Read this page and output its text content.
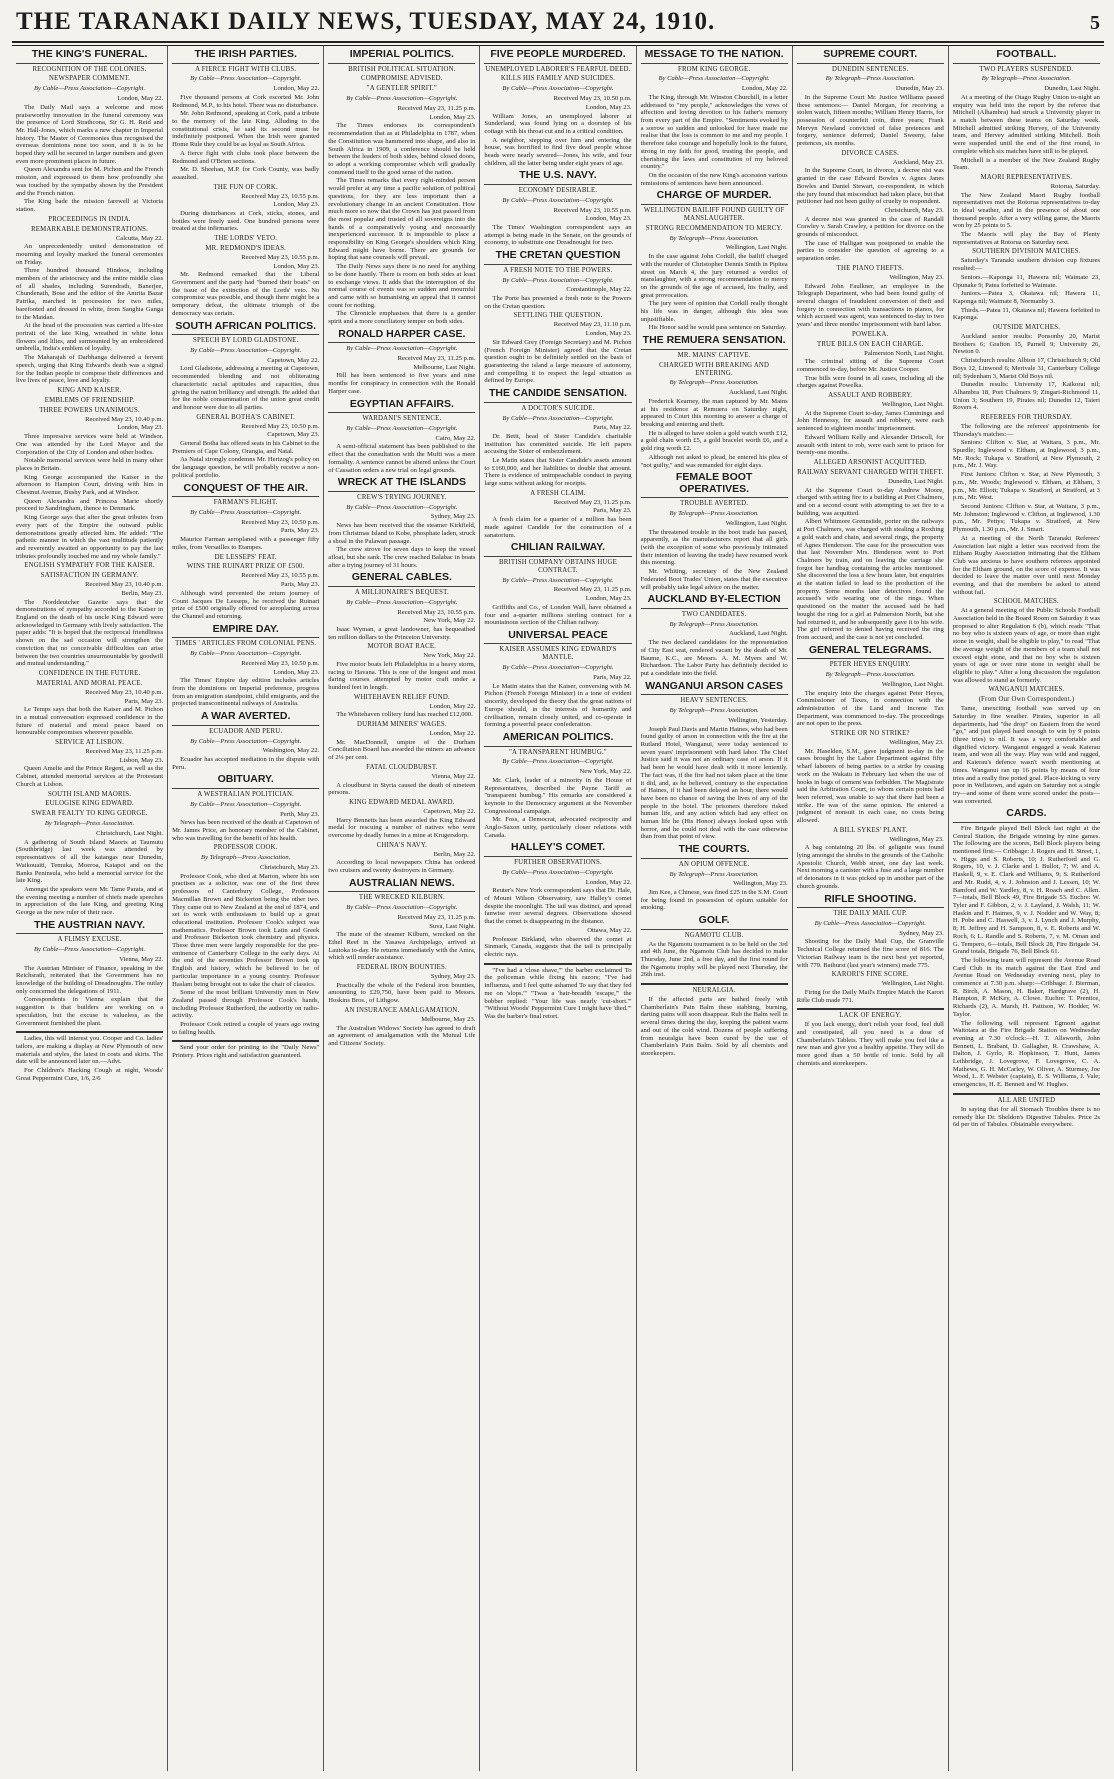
THE TARANAKI DAILY NEWS, TUESDAY, MAY 24, 1910.	5
THE KING'S FUNERAL.
RECOGNITION OF THE COLONIES.
NEWSPAPER COMMENT.
By Cable—Press Association—Copyright.
London, May 22.
The Daily Mail says a welcome and most praiseworthy innovation in the funeral ceremony was the presence of Lord Strathcona, Sir G. H. Reid and Mr. Hall-Jones, which marks a new chapter in Imperial history. The Master of Ceremonies thus recognised the overseas dominions none too soon, and it is to be hoped they will be secured in larger numbers and given even more prominent places in future.
Queen Alexandra sent for M. Pichon and the French mission, and expressed to them how profoundly she was touched by the sympathy shown by the President and the French nation.
The King bade the mission farewell at Victoria station.
PROCEEDINGS IN INDIA.
REMARKABLE DEMONSTRATIONS.
Calcutta, May 22.
An unprecedentedly united demonstration of mourning and loyalty marked the funeral ceremonies on Friday.
Three hundred thousand Hindoos, including members of the aristocracy and the entire middle class of all shades, including Surendrath, Banerjee, Chundenath, Bose and the editor of the Amrita Bazar Patrika, marched in procession for two miles, barefooted and dressed in white, from Sanghia Ganga to the Maidan.
At the head of the procession was carried a life-size portrait of the late King, wreathed in white lotus flowers and lilies, and surmounted by an embroidered umbrella, India's emblem of loyalty.
The Maharajah of Darbhanga delivered a fervent speech, urging that King Edward's death was a signal for the Indian people to compose their differences and live lives of peace, love and loyalty.
KING AND KAISER.
EMBLEMS OF FRIENDSHIP.
THREE POWERS UNANIMOUS.
Received May 23, 10.40 p.m.
London, May 23.
Three impressive services were held at Windsor. One was attended by the Lord Mayor and the Corporation of the City of London and other bodies.
Notable memorial services were held in many other places in Britain.
King George accompanied the Kaiser in the afternoon to Hampton Court, driving with him in Chestnut Avenue, Bushy Park, and at Windsor.
Queen Alexandra and Princess Marie shortly proceed to Sandringham, thence to Denmark.
King George says that after the great tributes from every part of the Empire the outward public demonstrations greatly affected him. He added: "The pathetic manner in which the vast multitude patiently and reverently awaited an opportunity to pay the last tributes profoundly touched me and my whole family."
ENGLISH SYMPATHY FOR THE KAISER.
SATISFACTION IN GERMANY.
Received May 23, 10.40 p.m.
Berlin, May 23.
The Norddeutcher Gazette says that the demonstrations of sympathy accorded to the Kaiser in England on the death of his uncle King Edward were acknowledged in Germany with lively satisfaction. The paper adds: "It is hoped that the reciprocal friendliness shown on the sad occasion will strengthen the conviction that no conceivable difficulties can arise between the two countries unsurmountable by goodwill and mutual understanding."
CONFIDENCE IN THE FUTURE.
MATERIAL AND MORAL PEACE.
Received May 23, 10.40 p.m.
Paris, May 23.
Le Temps says that both the Kaiser and M. Pichon in a mutual conversation expressed confidence in the future of material and moral peace based on honourable compromises wherever possible.
SERVICE AT LISBON.
Received May 23, 11.25 p.m.
Lisbon, May 23.
Queen Amelie and the Prince Regent, as well as the Cabinet, attended memorial services at the Protestant Church at Lisbon.
SOUTH ISLAND MAORIS.
EULOGISE KING EDWARD.
SWEAR FEALTY TO KING GEORGE.
By Telegraph—Press Association.
Christchurch, Last Night.
A gathering of South Island Maoris at Taumutu (Southbridge) last week was attended by representatives of all the kaiangas near Dunedin, Waikouaiti, Temuka, Moeroa, Kaiapoi and on the Banks Peninsula, who held a memorial service for the late King.
Amongst the speakers were Mr. Tame Parata, and at the evening meeting a number of chiefs made speeches in appreciation of the late King, and greeting King George as the new ruler of their race.
THE AUSTRIAN NAVY.
A FLIMSY EXCUSE.
By Cable—Press Association—Copyright.
Vienna, May 22.
The Austrian Minister of Finance, speaking in the Reichsrath, reiterated that the Government has no knowledge of the building of Dreadnoughts. The outlay only concerned the delegations of 1911.
Correspondents in Vienna explain that the suggestion is that builders are working on a speculation, but the excuse is valueless, as the Government furnished the plant.
Ladies, this will interest you. Cooper and Co. ladies' tailors, are making a display at New Plymouth of new materials and styles, the latest in costs and skirts. The date will be announced later on.—Advt.
For Children's Hacking Cough at night, Woods' Great Peppermint Cure, 1/6, 2/6
THE IRISH PARTIES.
A FIERCE FIGHT WITH CLUBS.
By Cable—Press Association—Copyright.
London, May 22.
Five thousand persons at Cork escorted Mr. John Redmond, M.P., to his hotel. There was no disturbance.
Mr. John Redmond, speaking at Cork, paid a tribute to the memory of the late King. Alluding to the constitutional crisis, he said its second must be indefinitely postponed. When the Irish were granted Home Rule they could be as loyal as South Africa.
A fierce fight with clubs took place between the Redmond and O'Brien sections.
Mr. D. Sheehan, M.P. for Cork County, was badly assaulted.
THE FUN OF CORK.
Received May 23, 10.55 p.m.
London, May 23.
During disturbances at Cork, sticks, stones, and bottles were freely used. One hundred persons were treated at the infirmaries.
THE LORDS' VETO.
MR. REDMOND'S IDEAS.
Received May 23, 10.55 p.m.
London, May 23.
Mr. Redmond remarked that the Liberal Government and the party had "burned their boats" on the issue of the extinction of the Lords' veto. No compromise was possible, and though there might be a temporary defeat, the ultimate triumph of the democracy was certain.
SOUTH AFRICAN POLITICS.
SPEECH BY LORD GLADSTONE.
By Cable—Press Association—Copyright.
Capetown, May 22.
Lord Gladstone, addressing a meeting at Capetown, recommended blending and not obliterating characteristic racial aptitudes and capacities, thus giving the nation brilliancy and strength. He added that for the noble consummation of the union great credit and honour were due to all parties.
GENERAL BOTHA'S CABINET.
Received May 23, 10.50 p.m.
Capetown, May 23.
General Botha has offered seats in his Cabinet to the Premiers of Cape Colony, Orangia, and Natal.
As Natal strongly condemns Mr. Hertzog's policy on the language question, he will probably receive a non-political portfolio.
CONQUEST OF THE AIR.
FARMAN'S FLIGHT.
By Cable—Press Association—Copyright.
Received May 23, 10.50 p.m.
Paris, May 23.
Maurice Farman aeroplaned with a passenger fifty miles, from Versailles to Etampes.
DE LESSEPS' FEAT.
WINS THE RUINART PRIZE OF £500.
Received May 23, 10.55 p.m.
Paris, May 23.
Although wind prevented the return journey of Count Jacques De Lesseps, he received the Ruinart prize of £500 originally offered for aeroplaning across the Channel and returning.
EMPIRE DAY.
TIMES ' ARTICLES FROM COLONIAL PENS.
By Cable—Press Association—Copyright.
Received May 23, 10.50 p.m.
London, May 23.
The Times' Empire day edition includes articles from the dominions on Imperial preference, progress from an emigration standpoint, child emigrants, and the projected transcontinental railways of Australia.
A WAR AVERTED.
ECUADOR AND PERU.
By Cable—Press Association—Copyright.
Washington, May 22.
Ecuador has accepted mediation in the dispute with Peru.
OBITUARY.
A WESTRALIAN POLITICIAN.
By Cable—Press Association—Copyright.
Perth, May 23.
News has been received of the death at Capetown of Mr. James Price, an honorary member of the Cabinet, who was travelling for the benefit of his health.
PROFESSOR COOK.
By Telegraph—Press Association.
Christchurch, May 23.
Professor Cook, who died at Marton, where his son practises as a solicitor, was one of the first three professors of Canterbury College, Professors Macmillan Brown and Bickerton being the other two. They came out to New Zealand at the end of 1874, and set to work with enthusiasm to build up a great educational institution. Professor Cook's subject was mathematics. Professor Brown took Latin and Greek and Professor Bickerton took chemistry and physics. These three men were largely responsible for the pre-eminence of Canterbury College in the early days. At the end of the seventies Professor Brown took up English and history, which he believed to be of particular importance in a young country. Professor Haslam being brought out to take the chair of classics.
Some of the most brilliant University men in New Zealand passed through Professor Cook's hands, including Professor Rutherford, the authority on radio-activity.
Professor Cook retired a couple of years ago owing to failing health.
Send your order for printing to the "Daily News" Printery. Prices right and satisfaction guaranteed.
IMPERIAL POLITICS.
BRITISH POLITICAL SITUATION.
COMPROMISE ADVISED.
"A GENTLER SPIRIT."
By Cable—Press Association—Copyright.
Received May 23, 11.25 p.m.
London, May 23.
The Times endorses its correspondent's recommendation that as at Philadelphia in 1787, when the Constitution was hammered into shape, and also in South Africa in 1909, a conference should be held between the leaders of both sides, behind closed doors, to adopt a working compromise which will gradually commend itself to the good sense of the nation.
The Times remarks that every right-minded person would prefer at any time a pacific solution of political questions, for they are less important than a revolutionary change in an ancient Constitution. How much more so now that the Crown has just passed from the most popular and trusted of all sovereigns into the hands of a comparatively young and necessarily inexperienced successor. It is impossible to place a responsibility on King George's shoulders which King Edward might have borne. There are grounds for hoping that sane counsels will prevail.
The Daily News says there is no need for anything to be done hastily. There is room on both sides at least to exchange views. It adds that the interruption of the normal course of events was so sudden and mournful and came with so humanising an appeal that it cannot count for nothing.
The Chronicle emphasises that there is a gentler spirit and a more conciliatory temper on both sides.
RONALD HARPER CASE.
By Cable—Press Association—Copyright.
Received May 23, 11.25 p.m.
Melbourne, Last Night.
Hill has been sentenced to five years and nine months for conspiracy in connection with the Ronald Harper case.
EGYPTIAN AFFAIRS.
WARDANI'S SENTENCE.
By Cable—Press Association—Copyright.
Cairo, May 22.
A semi-official statement has been published to the effect that the consultation with the Mufti was a mere formality. A sentence cannot be altered unless the Court of Cassation orders a new trial on legal grounds.
WRECK AT THE ISLANDS
CREW'S TRYING JOURNEY.
By Cable—Press Association—Copyright.
Sydney, May 23.
News has been received that the steamer Kirkfield, from Christmas Island to Kobe, phosphate laden, struck a shoal in the Palawan passage.
The crew strove for seven days to keep the vessel afloat, but she sank. The crew reached Balabac in boats after a trying journey of 31 hours.
GENERAL CABLES.
A MILLIONAIRE'S BEQUEST.
By Cable—Press Association—Copyright.
Received May 23, 10.55 p.m.
New York, May 22.
Isaac Wyman, a great landowner, has bequeathed ten million dollars to the Princeton University.
MOTOR BOAT RACE.
New York, May 22.
Five motor boats left Philadelphia in a heavy storm, racing to Havana. This is one of the longest and most daring courses attempted by motor craft under a hundred feet in length.
WHITEHAVEN RELIEF FUND.
London, May 22.
The Whitehaven colliery fund has reached £12,000.
DURHAM MINERS' WAGES.
London, May 22.
Mr. MacDonnell, umpire of the Durham Conciliation Board has awarded the miners an advance of 2¼ per cent.
FATAL CLOUDBURST.
Vienna, May 22.
A cloudburst in Styria caused the death of nineteen persons.
KING EDWARD MEDAL AWARD.
Capetown, May 22.
Harry Bennetts has been awarded the King Edward medal for rescuing a number of natives who were overcome by deadly fumes in a mine at Krugersdorp.
CHINA'S NAVY.
Berlin, May 22.
According to local newspapers China has ordered two cruisers and twenty destroyers in Germany.
AUSTRALIAN NEWS.
THE WRECKED KILBURN.
By Cable—Press Association—Copyright.
Received May 23, 11.25 p.m.
Suva, Last Night.
The mate of the steamer Kilburn, wrecked on the Ethel Reef in the Yasawa Archipelago, arrived at Lautoka to-day. He returns immediately with the Amra, which will render assistance.
FEDERAL IRON BOUNTIES.
Sydney, May 23.
Practically the whole of the Federal iron bounties, amounting to £29,750, have been paid to Messrs. Hoskins Bros., of Lithgow.
AN INSURANCE AMALGAMATION.
Melbourne, May 23.
The Australian Widows' Society has agreed to draft an agreement of amalgamation with the Mutual Life and Citizens' Society.
FIVE PEOPLE MURDERED.
UNEMPLOYED LABORER'S FEARFUL DEED.
KILLS HIS FAMILY AND SUICIDES.
By Cable—Press Association—Copyright.
Received May 23, 10.50 p.m.
London, May 23.
William Jones, an unemployed laborer at Sunderland, was found lying on a doorstep of his cottage with his throat cut and in a critical condition.
A neighbor, stepping over him and entering the house, was horrified to find five dead people whose heads were nearly severed—Jones, his wife, and four children, all the latter being under eight years of age.
THE U.S. NAVY.
ECONOMY DESIRABLE.
By Cable—Press Association—Copyright.
Received May 23, 10.55 p.m.
London, May 23.
The Times' Washington correspondent says an attempt is being made in the Senate, on the grounds of economy, to substitute one Dreadnought for two.
THE CRETAN QUESTION
A FRESH NOTE TO THE POWERS.
By Cable—Press Association—Copyright.
Constantinople, May 22.
The Porte has presented a fresh note to the Powers on the Cretan question.
SETTLING THE QUESTION.
Received May 23, 11.10 p.m.
London, May 23.
Sir Edward Grey (Foreign Secretary) and M. Pichon (French Foreign Minister) agreed that the Cretan question ought to be definitely settled on the basis of guaranteeing the island a large measure of autonomy, and compelling it to respect the legal situation as defined by Europe.
THE CANDIDE SENSATION.
A DOCTOR'S SUICIDE.
By Cable—Press Association—Copyright.
Paris, May 22.
Dr. Betit, head of Sister Candide's charitable institution has committed suicide. He left papers accusing the Sister of embezzlement.
Le Matin states that Sister Candide's assets amount to £160,000, and her liabilities to double that amount. There is evidence of unimpeachable conduct in paying large sums without asking for receipts.
A FRESH CLAIM.
Received May 23, 11.25 p.m.
Paris, May 23.
A fresh claim for a quarter of a million has been made against Candide for the construction of a sanatorium.
CHILIAN RAILWAY.
BRITISH COMPANY OBTAINS HUGE CONTRACT.
By Cable—Press Association—Copyright.
Received May 23, 11.25 p.m.
London, May 23.
Griffiths and Co., of London Wall, have obtained a four and a-quarter millions sterling contract for a mountainous section of the Chilian railway.
UNIVERSAL PEACE
KAISER ASSUMES KING EDWARD'S MANTLE.
By Cable—Press Association—Copyright.
Paris, May 22.
Le Matin states that the Kaiser, conversing with M. Pichon (French Foreign Minister) in a tone of evident sincerity, developed the theory that the great nations of Europe should, in the interests of humanity and civilisation, remain closely united, and co-operate in forming a powerful peace confederation.
AMERICAN POLITICS.
"A TRANSPARENT HUMBUG."
By Cable—Press Association—Copyright.
New York, May 22.
Mr. Clark, leader of a minority in the House of Representatives, described the Payne Tariff as "transparent humbug." His remarks are considered a keynote to the Democracy argument at the November Congressional campaign.
Mr. Foss, a Democrat, advocated reciprocity and Anglo-Saxon unity, particularly closer relations with Canada.
HALLEY'S COMET.
FURTHER OBSERVATIONS.
By Cable—Press Association—Copyright.
London, May 22.
Reuter's New York correspondent says that Dr. Hale, of Mount Wilson Observatory, saw Halley's comet despite the moonlight. The tail was distinct, and spread fanwise over several degrees. Observations showed that the comet is disappearing in the distance.
Ottawa, May 22.
Professor Birkland, who observed the comet at Sinmark, Canada, suggests that the tail is principally electric rays.
"I've had a 'close shave,'" the barber exclaimed To the policeman while fixing his razors; "I've had influenza, and I feel quite ashamed To say that they fed me on 'slops.'" "Twas a 'hair-breadth 'escape,'" the bobber replied: "Your life was nearly 'cut-short.'" "Without Woods' Peppermint Cure I might have 'died.'" Was the barber's final retort.
MESSAGE TO THE NATION.
FROM KING GEORGE.
By Cable—Press Association—Copyright.
London, May 22.
The King, through Mr. Winston Churchill, in a letter addressed to "my people," acknowledges the vows of affection and loving devotion to his father's memory from every part of the Empire. "Sentiments evoked by a sorrow so sudden and unlooked for have made me realise that the loss is common to me and my people. I therefore take courage and hopefully look to the future, strong in my faith for good, trusting the people, and cherishing the laws and constitution of my beloved country."
On the occasion of the new King's accession various remissions of sentences have been announced.
CHARGE OF MURDER.
WELLINGTON BAILIFF FOUND GUILTY OF MANSLAUGHTER.
STRONG RECOMMENDATION TO MERCY.
By Telegraph—Press Association.
Wellington, Last Night.
In the case against John Corkill, the bailiff charged with the murder of Christopher Dennis Smith in Pipitea street on March 4, the jury returned a verdict of manslaughter, with a strong recommendation to mercy on the grounds of the age of accused, his frailty, and great provocation.
The jury were of opinion that Corkill really thought his life was in danger, although this idea was unjustifiable.
His Honor said he would pass sentence on Saturday.
THE REMUERA SENSATION.
MR. MAINS' CAPTIVE.
CHARGED WITH BREAKING AND ENTERING.
By Telegraph—Press Association.
Auckland, Last Night.
Frederick Kearney, the man captured by Mr. Mains at his residence at Remuera on Saturday night, appeared in Court this morning to answer a charge of breaking and entering and theft.
He is alleged to have stolen a gold watch worth £12, a gold chain worth £5, a gold bracelet worth £6, and a gold ring worth £2.
Although not asked to plead, he entered his plea of "not guilty," and was remanded for eight days.
FEMALE BOOT OPERATIVES.
TROUBLE AVERTED.
By Telegraph—Press Association.
Wellington, Last Night.
The threatened trouble in the boot trade has passed, apparently, as the manufacturers report that all girls (with the exception of some who previously intimated their intention of leaving the trade) have resumed work this morning.
Mr. Whiting, secretary of the New Zealand Federated Boot Trades' Union, states that the executive will probably take legal advice on the matter.
AUCKLAND BY-ELECTION
TWO CANDIDATES.
By Telegraph—Press Association.
Auckland, Last Night.
The two declared candidates for the representation of City East seat, rendered vacant by the death of Mr. Baume, K.C., are Messrs. A. M. Myers and W. Richardson. The Labor Party has definitely decided to put a candidate into the field.
WANGANUI ARSON CASES
HEAVY SENTENCES.
By Telegraph—Press Association.
Wellington, Yesterday.
Joseph Paul Davis and Martin Haines, who had been found guilty of arson in connection with the fire at the Rutland Hotel, Wanganui, were today sentenced to seven years' imprisonment with hard labor. The Chief Justice said it was not an ordinary case of arson. If it had been he would have dealt with it more leniently. The fact was, if the fire had not taken place at the time it did, and, as he believed, contrary to the expectation of Haines, if it had been delayed an hour, there would have been no chance of saving the lives of any of the people in the hotel. The prisoners therefore risked human life, and any action which had any effect on human life he (His Honor) always looked upon with horror, and he could not deal with the case otherwise than from that point of view.
THE COURTS.
AN OPIUM OFFENCE.
By Telegraph—Press Association.
Wellington, May 23.
Jim Kee, a Chinese, was fined £25 in the S.M. Court for being found in possession of opium suitable for smoking.
GOLF.
NGAMOTU CLUB.
As the Ngamotu tournament is to be held on the 3rd and 4th June, the Ngamotu Club has decided to make Thursday, June 2nd, a free day, and the first round for the Ngamotu trophy will be played next Thursday, the 26th inst.
NEURALGIA.
If the affected parts are bathed freely with Chamberlain's Pain Balm these stabbing, burning, darting pains will soon disappear. Rub the Balm well in several times during the day, keeping the patient warm and out of the cold wind. Dozens of people suffering from neuralgia have been cured by the use of Chamberlain's Pain Balm. Sold by all chemists and storekeepers.
SUPREME COURT.
DUNEDIN SENTENCES.
By Telegraph—Press Association.
Dunedin, May 23.
In the Supreme Court Mr. Justice Williams passed these sentences:— Daniel Morgan, for receiving a stolen watch, fifteen months; William Henry Harris, for possession of counterfeit coin, three years; Frank Mervyn Newland convicted of false pretences and forgery, sentence deferred; Daniel Sweeny, false pretences, six months.
DIVORCE CASES.
Auckland, May 23.
In the Supreme Court, in divorce, a decree nisi was granted in the case Edward Bowles v. Agnes Janes Bowles and Daniel Stewart, co-respondent, in which the jury found that misconduct had taken place, but that petitioner had not been guilty of cruelty to respondent.
Christchurch, May 23.
A decree nisi was granted in the case of Randall Crawley v. Sarah Crawley, a petition for divorce on the grounds of misconduct.
The case of Halligan was postponed to enable the parties to consider the question of agreeing to a separation order.
THE PIANO THEFTS.
Wellington, May 23.
Edward John Faulkner, an employee in the Telegraph Department, who had been found guilty of several charges of fraudulent conversion of theft and forgery in connection with transactions in pianos, for which accused was agent, was sentenced to-day to two years' and three months' imprisonment with hard labor.
POWELKA.
TRUE BILLS ON EACH CHARGE.
Palmerston North, Last Night.
The criminal sitting of the Supreme Court commenced to-day, before Mr. Justice Cooper.
True bills were found in all cases, including all the charges against Powelka.
ASSAULT AND ROBBERY.
Wellington, Last Night.
At the Supreme Court to-day, James Cummings and John Hennessy, for assault and robbery, were each sentenced to eighteen months' imprisonment.
Edward William Kelly and Alexander Driscoll, for assault with intent to rob, were each sent to prison for twenty-one months.
ALLEGED ARSONIST ACQUITTED.
RAILWAY SERVANT CHARGED WITH THEFT.
Dunedin, Last Night.
At the Supreme Court to-day Andrew Moore, charged with setting fire to a building at Port Chalmers, and on a second count with attempting to set fire to a building, was acquitted.
Albert Whitmore Grennsiide, porter on the railways at Port Chalmers, was charged with stealing a Roxhing a gold watch and chain, and several rings, the property of Agnes Henderson. The case for the prosecution was that last November Mrs. Henderson went to Port Chalmers by train, and on leaving the carriage she forgot her handbag containing the articles mentioned. She discovered the loss a few hours later, but enquiries at the station failed to lead to the production of the property. Some months later detectives found the accused's wife wearing one of the rings. When questioned on the matter the accused said he had bought the ring for a girl at Palmerston North, but she had returned it, and he subsequently gave it to his wife. The girl referred to denied having received the ring from accused, and the case is not yet concluded.
GENERAL TELEGRAMS.
PETER HEYES ENQUIRY.
By Telegraph—Press Association.
Wellington, Last Night.
The enquiry into the charges against Peter Heyes, Commissioner of Taxes, in connection with the administration of the Land and Income Tax Department, was commenced to-day. The proceedings are not open to the press.
STRIKE OR NO STRIKE?
Wellington, May 23.
Mr. Haselden, S.M., gave judgment to-day in the cases brought by the Labor Department against fifty wharf laborers of being parties to a strike by ceasing work on the Wakatu in February last when the use of hooks in bags of cement was forbidden. The Magistrate said the Arbitration Court, to whom certain points had been referred, was unable to say that there had been a strike. He was of the same opinion. He entered a judgment of nonsuit in each case, no costs being allowed.
A BILL SYKES' PLANT.
Wellington, May 23.
A bag containing 20 lbs. of gelignite was found lying amongst the shrubs in the grounds of the Catholic Apostolic Church, Webb street, one day last week. Next morning a canister with a fuse and a large number of detonators in it was picked up in another part of the church grounds.
RIFLE SHOOTING.
THE DAILY MAIL CUP.
By Cable—Press Association—Copyright.
Sydney, May 23.
Shooting for the Daily Mail Cup, the Granville Technical College returned the fine score of 816. The Victorian Railway team is the next best yet reported, with 779. Bathurst (last year's winners) made 775.
KARORI'S FINE SCORE.
Wellington, Last Night.
Firing for the Daily Mail's Empire Match the Karori Rifle Club made 771.
LACK OF ENERGY.
If you lack energy, don't relish your food, feel dull and constipated, all you need is a dose of Chamberlain's Tablets. They will make you feel like a new man and give you a healthy appetite. They will do more good than a 50 bottle of tonic. Sold by all chemists and storekeepers.
FOOTBALL.
TWO PLAYERS SUSPENDED.
By Telegraph—Press Association.
Dunedin, Last Night.
At a meeting of the Otago Rugby Union to-night an enquiry was held into the report by the referee that Mitchell (Alhambra) had struck a University player in a match between these teams on Saturday week. Mitchell admitted striking Hervey, of the University team, and Hervey admitted striking Mitchell. Both were suspended until the end of the first round, to complete which six matches have still to be played.
Mitchell is a member of the New Zealand Rugby Team.
MAORI REPRESENTATIVES.
Rotorua, Saturday.
The New Zealand Maori Rugby football representatives met the Rotorua representatives to-day in ideal weather, and in the presence of about one thousand people. After a very willing game, the Maoris won by 25 points to 5.
The Maoris will play the Bay of Plenty representatives at Rotorua on Saturday next.
SOUTHERN DIVISION MATCHES.
Saturday's Taranaki southern division cup fixtures resulted:—
Seniors.—Kaponga 11, Hawera nil; Waimate 23, Opunake 9; Patea forfeited to Waimate.
Juniors.—Patea 3, Okaiawa nil; Hawera 11, Kaponga nil; Waimate 8, Normanby 3.
Thirds.—Patea 11, Okaiawa nil; Hawera forfeited to Kaponga.
OUTSIDE MATCHES.
Auckland senior results: Ponsonby 20, Marist Brothers 6; Grafton 15, Parnell 9; University 26, Newton 0.
Christchurch results: Albion 17, Christchurch 9; Old Boys 12, Linwood 6; Merivale 31, Canterbury College nil; Sydenham 3, Marist Old Boys nil.
Dunedin results: University 17, Kaikorai nil; Alhambra 18, Port Chalmers 9; Zingari-Richmond 11, Union 3; Southern 19, Pirates nil; Dunedin 12, Taieri Rovers 4.
REFEREES FOR THURSDAY.
The following are the referees' appointments for Thursday's matches:—
Seniors: Clifton v. Star, at Waitara, 3 p.m., Mr. Spurdle; Inglewood v. Eltham, at Inglewood, 3 p.m., Mr. Rock; Tukapa v. Stratford, at New Plymouth, 2 p.m., Mr. J. Way.
First Juniors: Clifton v. Star, at New Plymouth, 3 p.m., Mr. Woods; Inglewood v. Eltham, at Eltham, 3 p.m., Mr. Elliott; Tukapa v. Stratford, at Stratford, at 3 p.m., Mr. West.
Second Juniors: Clifton v. Star, at Waitara, 3 p.m., Mr. Johnston; Inglewood v. Clifton, at Inglewood, 1.30 p.m., Mr. Pettys; Tukapa v. Stratford, at New Plymouth, 1.30 p.m., Mr. J. Smart.
At a meeting of the North Taranaki Referees' Association last night a letter was received from the Eltham Rugby Association intimating that the Eltham Club was anxious to have southern referees appointed for the Eltham ground, on the score of expense. It was decided to leave the matter over until next Monday evening, and that the members be asked to attend without fail.
SCHOOL MATCHES.
At a general meeting of the Public Schools Football Association held in the Board Room on Saturday it was proposed to alter Regulation 6 (b), which reads "That no boy who is sixteen years of age, or more than eight stone in weight, shall be eligible to play," to read "That the average weight of the members of a team shall not exceed eight stone, and that no boy who is sixteen years of age or over nine stone in weight shall be eligible to play." After a long discussion the regulation was allowed to stand as formerly.
WANGANUI MATCHES.
(From Our Own Correspondent.)
Tame, unexciting football was served up on Saturday in fine weather. Pirates, superior in all departments, had "the drop" on Eastern from the word "go," and just played hard enough to win by 9 points (three tries) to nil. It was a very comfortable and dignified victory. Wanganui engaged a weak Kaierau team, and won all the way. Play was wild and ragged, and Kaierau's defence wasn't worth mentioning at times. Wanganui ran up 16 points by means of four tries and a really fine potted goal. Place-kicking is very poor in Wellstown, and again on Saturday not a single try—and some of them were scored under the posts—was converted.
CARDS.
Fire Brigade played Bell Block last night at the Central Station, the Brigade winning by nine games. The following are the scores, Bell Block players being mentioned first:— Cribbage: J. Rogers and H. Street, 1, v. Higgs and S. Roberts, 10; J. Rutherford and G. Rogers, 10, v. J. Clarke and I. Bullot, 7; W. and A. Haskell, 9, v. E. Clark and Williams, 9; S. Rutherford and Mr. Rudd, 4, v. J. Johnston and J. Lessen, 10; W. Bamford and W. Yardley, 8, v. H. Roach and C. Allen. 7—totals, Bell Block 49, Fire Brigade 53. Euchre: W. Tyler and F. Gibbon, 2, v. J. Layland, J. Walsh, 11; W. Haskin and F. Haimes, 9, v. J. Nodder and W. Way, 8; H. Pobe and C. Haswell, 3, v. J. Lynch and J. Murphy, 8; H. Jeffrey and H. Sampson, 8, v. E. Roberts and W. Roch, 6; L. Randle and S. Roberts, 7, v. M. Oman and G. Tempero, 6—totals, Bell Block 28, Fire Brigade 34. Grand totals, Brigade 76, Bell Block 61.
The following team will represent the Avenue Road Card Club in its match against the East End and Avenue Road on Wednesday evening next, play to commence at 7.30 p.m. sharp:—Cribbage: J. Bierman, R. Birch, A. Mason, H. Baker, Hardgrave (2), H. Hampton, P. McKey, A. Clowe. Euchre: T. Prentice, Richards (2), A. Marsh, H. Pattison, W. Hodder, W. Taylor.
The following will represent Egmont against Waitotara at the Fire Brigade Station on Wednesday evening at 7.30 o'clock:—H. T. Allsworth, John Bennett, L. Brabant, D. Gallagher, R. Crawshaw, A. Dalton, J. Gyrlo, R. Hopkinson, T. Hunt, James Lethbridge, J. Lovegrove, F. Lovegrove, C. A. Mathews, G. H. McCarley, W. Oliver, A. Sturmey, Joe Wood, L. F. Webster (captain), E. S. Williams, J. Vale; emergencies, H. E. Bennett and W. Hughes.
ALL ARE UNITED
In saying that for all Stomach Troubles there is no remedy like Dr. Sheldon's Digestive Tabules. Price 2s 6d per tin of Tabules. Obtainable everywhere.
